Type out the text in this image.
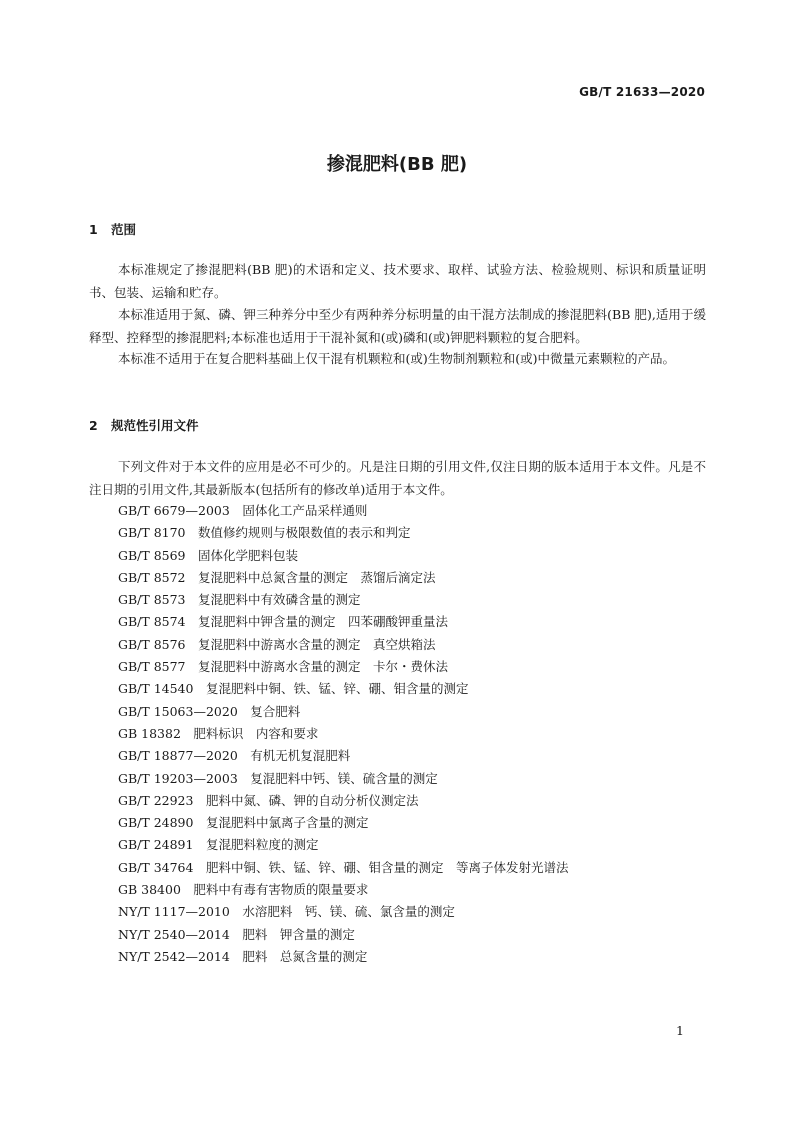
GB/T 21633—2020
掺混肥料(BB 肥)
1 范围
本标准规定了掺混肥料(BB 肥)的术语和定义、技术要求、取样、试验方法、检验规则、标识和质量证明书、包装、运输和贮存。
本标准适用于氮、磷、钾三种养分中至少有两种养分标明量的由干混方法制成的掺混肥料(BB 肥),适用于缓释型、控释型的掺混肥料;本标准也适用于干混补氮和(或)磷和(或)钾肥料颗粒的复合肥料。
本标准不适用于在复合肥料基础上仅干混有机颗粒和(或)生物制剂颗粒和(或)中微量元素颗粒的产品。
2 规范性引用文件
下列文件对于本文件的应用是必不可少的。凡是注日期的引用文件,仅注日期的版本适用于本文件。凡是不注日期的引用文件,其最新版本(包括所有的修改单)适用于本文件。
GB/T 6679—2003　固体化工产品采样通则
GB/T 8170　数值修约规则与极限数值的表示和判定
GB/T 8569　固体化学肥料包装
GB/T 8572　复混肥料中总氮含量的测定　蒸馏后滴定法
GB/T 8573　复混肥料中有效磷含量的测定
GB/T 8574　复混肥料中钾含量的测定　四苯硼酸钾重量法
GB/T 8576　复混肥料中游离水含量的测定　真空烘箱法
GB/T 8577　复混肥料中游离水含量的测定　卡尔・费休法
GB/T 14540　复混肥料中铜、铁、锰、锌、硼、钼含量的测定
GB/T 15063—2020　复合肥料
GB 18382　肥料标识　内容和要求
GB/T 18877—2020　有机无机复混肥料
GB/T 19203—2003　复混肥料中钙、镁、硫含量的测定
GB/T 22923　肥料中氮、磷、钾的自动分析仪测定法
GB/T 24890　复混肥料中氯离子含量的测定
GB/T 24891　复混肥料粒度的测定
GB/T 34764　肥料中铜、铁、锰、锌、硼、钼含量的测定　等离子体发射光谱法
GB 38400　肥料中有毒有害物质的限量要求
NY/T 1117—2010　水溶肥料　钙、镁、硫、氯含量的测定
NY/T 2540—2014　肥料　钾含量的测定
NY/T 2542—2014　肥料　总氮含量的测定
1
